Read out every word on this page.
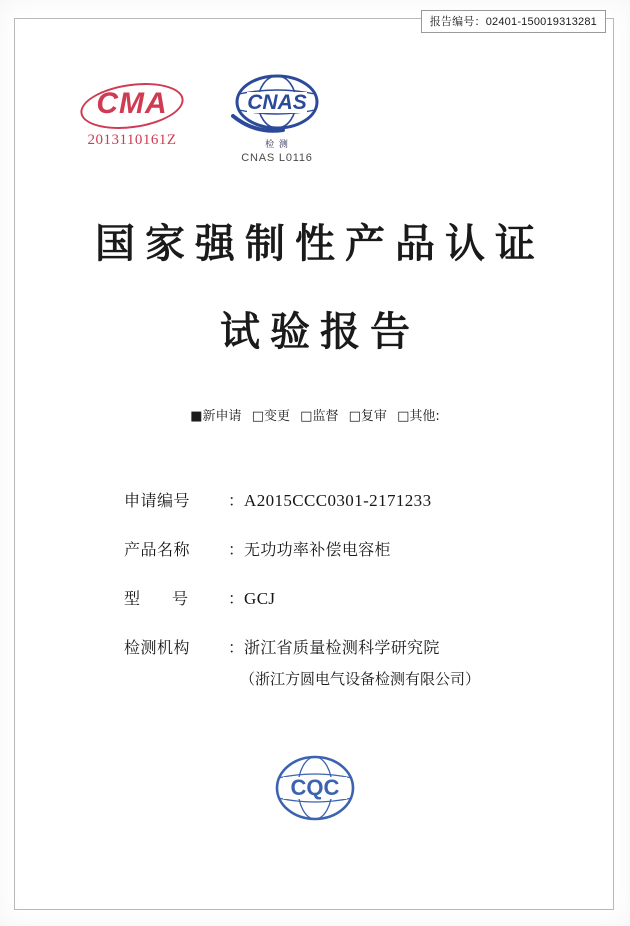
报告编号：02401-150019313281
CMA
2013110161Z
CNAS
检 测
CNAS L0116
国家强制性产品认证
试验报告
■新申请 □变更 □监督 □复审 □其他:
申请编号	： A2015CCC0301-2171233
产品名称	： 无功功率补偿电容柜
型　　号	： GCJ
检测机构	： 浙江省质量检测科学研究院
（浙江方圆电气设备检测有限公司）
CQC
